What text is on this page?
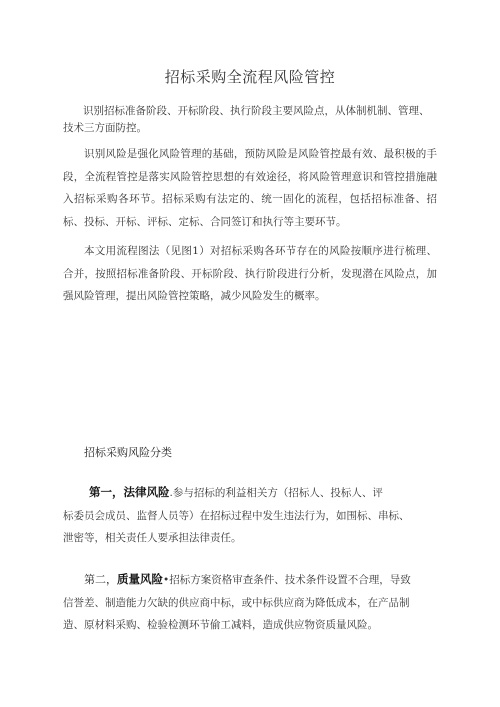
招标采购全流程风险管控
识别招标准备阶段、开标阶段、执行阶段主要风险点，从体制机制、管理、技术三方面防控。
识别风险是强化风险管理的基础，预防风险是风险管控最有效、最积极的手段，全流程管控是落实风险管控思想的有效途径，将风险管理意识和管控措施融入招标采购各环节。招标采购有法定的、统一固化的流程，包括招标准备、招标、投标、开标、评标、定标、合同签订和执行等主要环节。
本文用流程图法（见图1）对招标采购各环节存在的风险按顺序进行梳理、合并，按照招标准备阶段、开标阶段、执行阶段进行分析，发现潜在风险点，加强风险管理，提出风险管控策略，减少风险发生的概率。
招标采购风险分类
第一，法律风险.参与招标的利益相关方（招标人、投标人、评
标委员会成员、监督人员等）在招标过程中发生违法行为，如围标、串标、
泄密等，相关责任人要承担法律责任。
第二，质量风险•招标方案资格审查条件、技术条件设置不合理，导致
信誉差、制造能力欠缺的供应商中标，或中标供应商为降低成本，在产品制
造、原材料采购、检验检测环节偷工减料，造成供应物资质量风险。
